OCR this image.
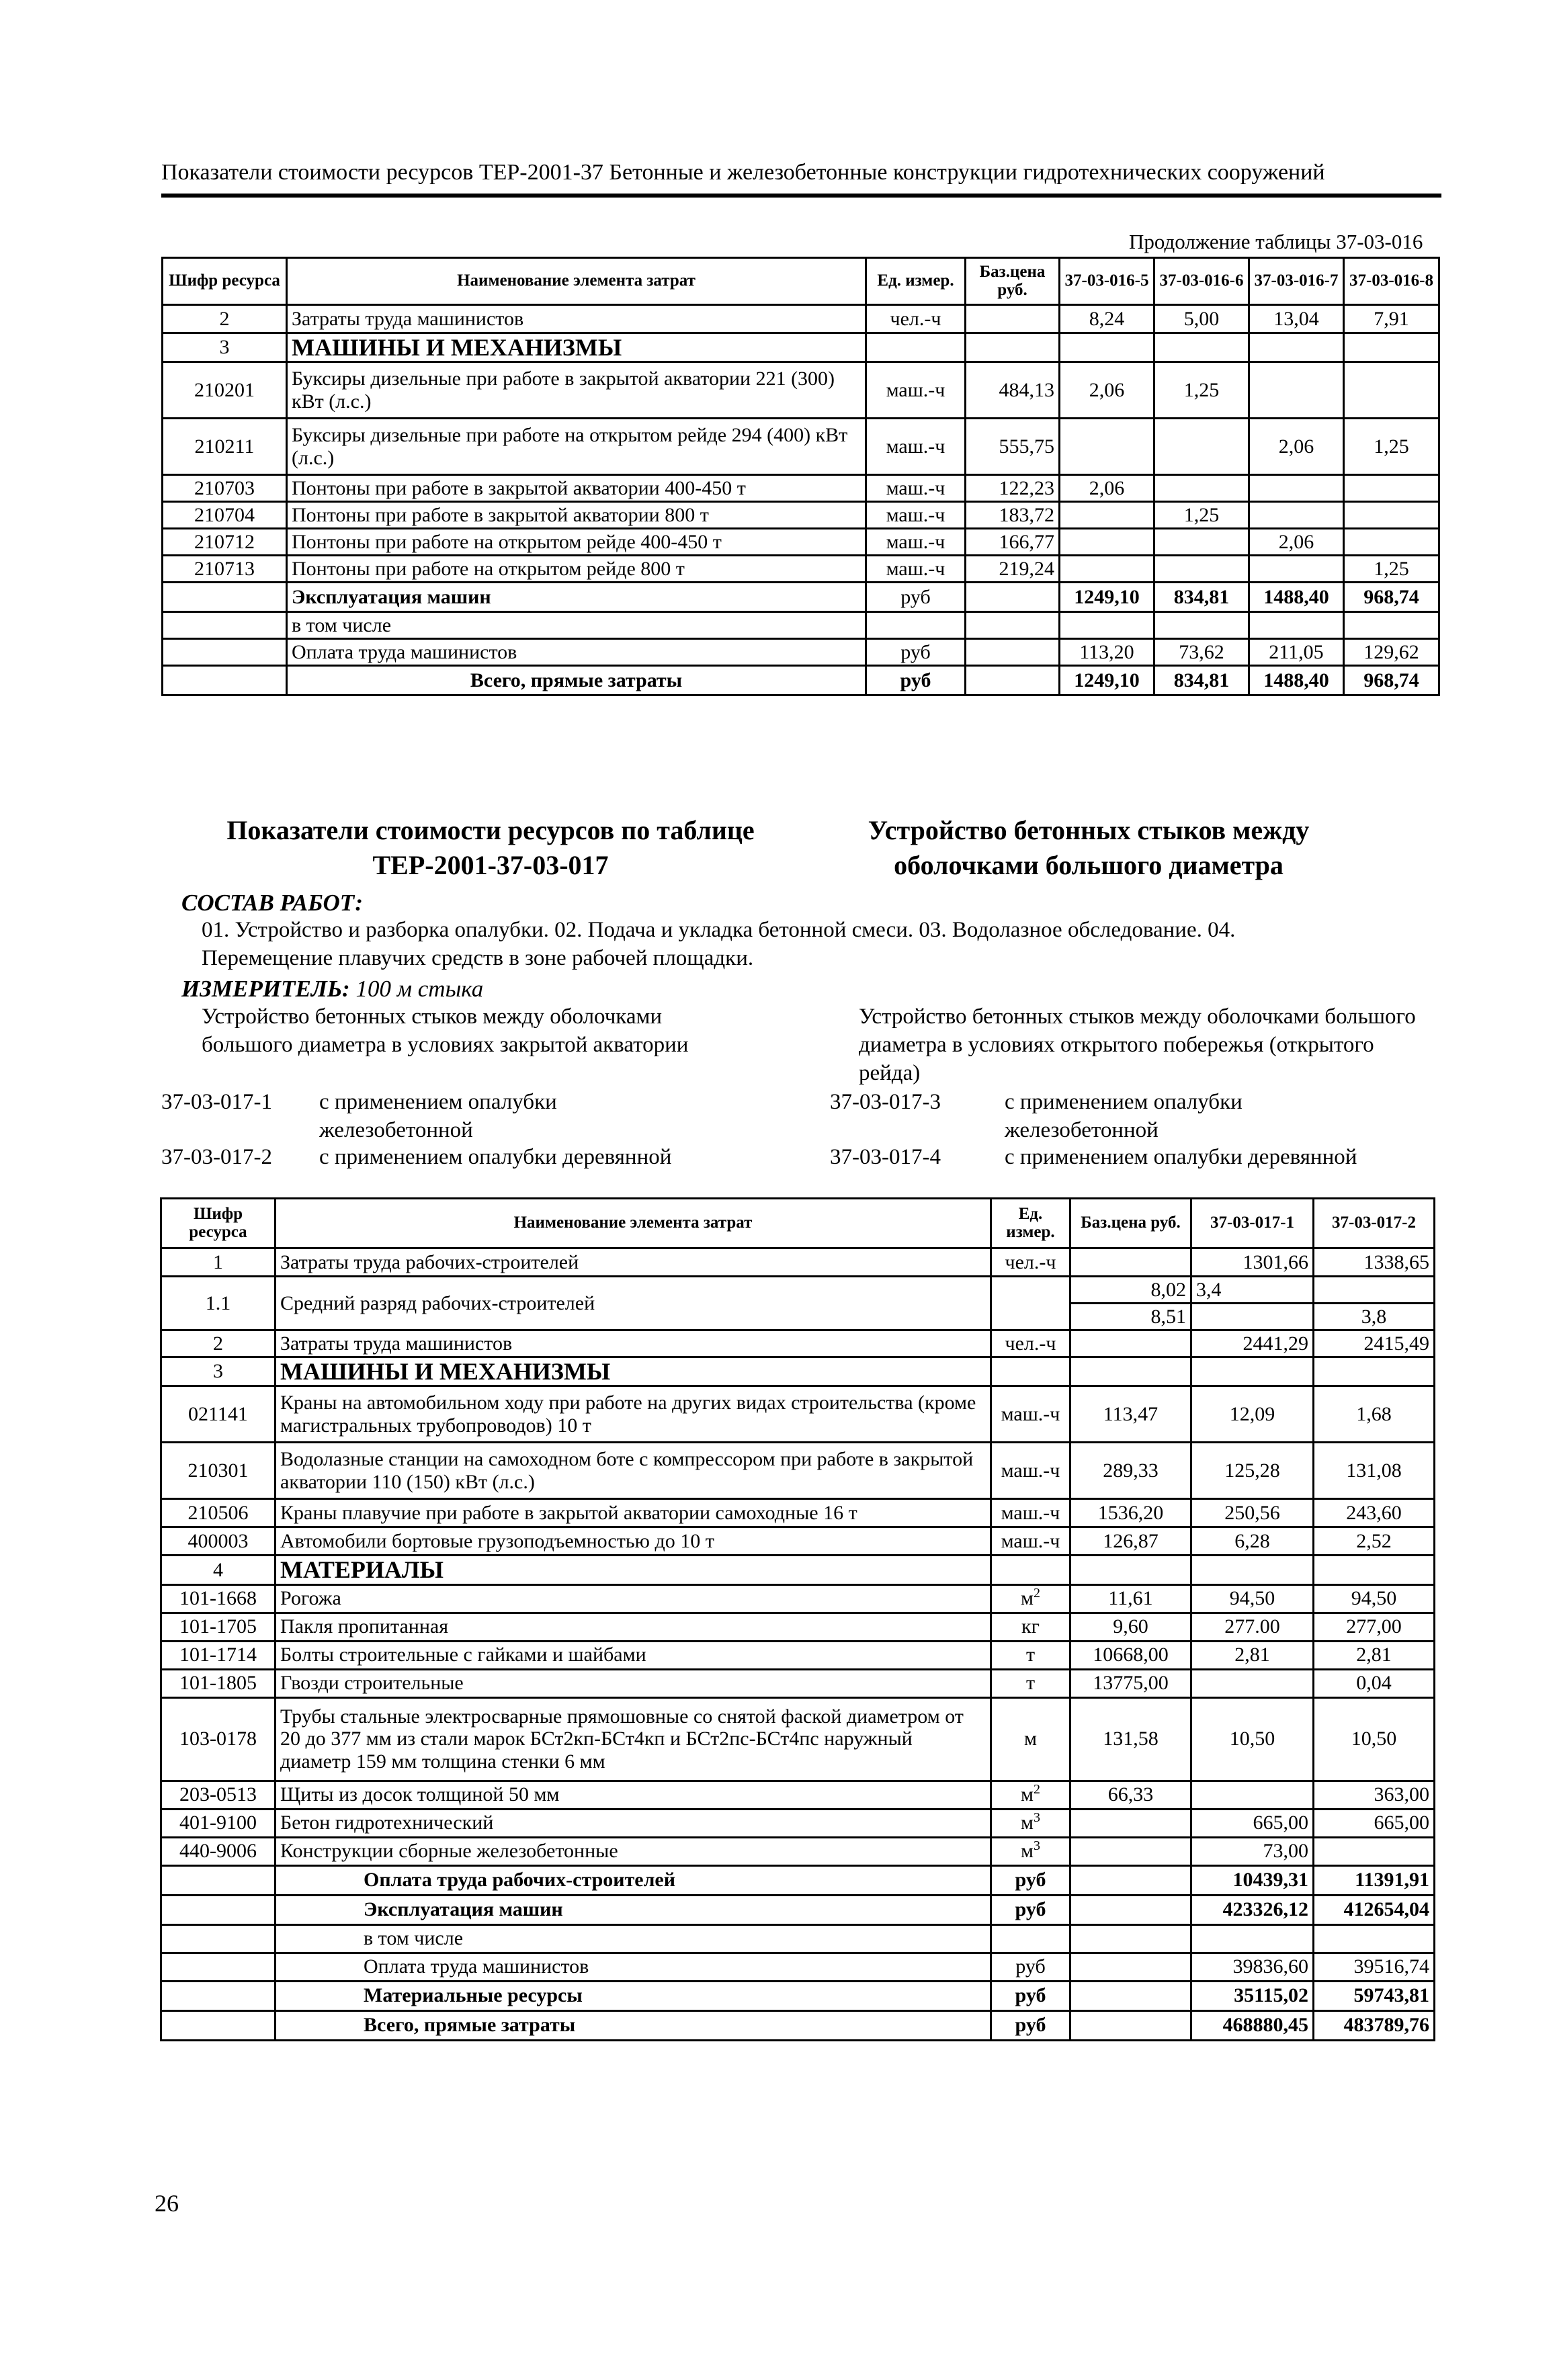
Показатели стоимости ресурсов ТЕР-2001-37 Бетонные и железобетонные конструкции гидротехнических сооружений
Продолжение таблицы 37-03-016
Шифр ресурса	Наименование элемента затрат	Ед. измер.	Баз.цена руб.	37-03-016-5	37-03-016-6	37-03-016-7	37-03-016-8
2	Затраты труда машинистов	чел.-ч		8,24	5,00	13,04	7,91
3	МАШИНЫ И МЕХАНИЗМЫ						
210201	Буксиры дизельные при работе в закрытой акватории 221 (300) кВт (л.с.)	маш.-ч	484,13	2,06	1,25		
210211	Буксиры дизельные при работе на открытом рейде 294 (400) кВт (л.с.)	маш.-ч	555,75			2,06	1,25
210703	Понтоны при работе в закрытой акватории 400-450 т	маш.-ч	122,23	2,06			
210704	Понтоны при работе в закрытой акватории 800 т	маш.-ч	183,72		1,25		
210712	Понтоны при работе на открытом рейде 400-450 т	маш.-ч	166,77			2,06	
210713	Понтоны при работе на открытом рейде 800 т	маш.-ч	219,24				1,25
	Эксплуатация машин	руб		1249,10	834,81	1488,40	968,74
	в том числе						
	Оплата труда машинистов	руб		113,20	73,62	211,05	129,62
	Всего, прямые затраты	руб		1249,10	834,81	1488,40	968,74
Показатели стоимости ресурсов по таблице ТЕР-2001-37-03-017
Устройство бетонных стыков между оболочками большого диаметра
СОСТАВ РАБОТ:
01. Устройство и разборка опалубки. 02. Подача и укладка бетонной смеси. 03. Водолазное обследование. 04. Перемещение плавучих средств в зоне рабочей площадки.
ИЗМЕРИТЕЛЬ: 100 м стыка
Устройство бетонных стыков между оболочками большого диаметра в условиях закрытой акватории
Устройство бетонных стыков между оболочками большого диаметра в условиях открытого побережья (открытого рейда)
37-03-017-1 с применением опалубки железобетонной
37-03-017-2 с применением опалубки деревянной
37-03-017-3	с применением опалубки железобетонной
37-03-017-4	с применением опалубки деревянной
Шифр ресурса	Наименование элемента затрат	Ед. измер.	Баз.цена руб.	37-03-017-1	37-03-017-2
1	Затраты труда рабочих-строителей	чел.-ч		1301,66	1338,65
1.1	Средний разряд рабочих-строителей		8,02	3,4	
			8,51		3,8
2	Затраты труда машинистов	чел.-ч		2441,29	2415,49
3	МАШИНЫ И МЕХАНИЗМЫ				
021141	Краны на автомобильном ходу при работе на других видах строительства (кроме магистральных трубопроводов) 10 т	маш.-ч	113,47	12,09	1,68
210301	Водолазные станции на самоходном боте с компрессором при работе в закрытой акватории 110 (150) кВт (л.с.)	маш.-ч	289,33	125,28	131,08
210506	Краны плавучие при работе в закрытой акватории самоходные 16 т	маш.-ч	1536,20	250,56	243,60
400003	Автомобили бортовые грузоподъемностью до 10 т	маш.-ч	126,87	6,28	2,52
4	МАТЕРИАЛЫ				
101-1668	Рогожа	$м^2$	11,61	94,50	94,50
101-1705	Пакля пропитанная	кг	9,60	277.00	277,00
101-1714	Болты строительные с гайками и шайбами	т	10668,00	2,81	2,81
101-1805	Гвозди строительные	т	13775,00		0,04
103-0178	Трубы стальные электросварные прямошовные со снятой фаской диаметром от 20 до 377 мм из стали марок БСт2кп-БСт4кп и БСт2пс-БСт4пс наружный диаметр 159 мм толщина стенки 6 мм	м	131,58	10,50	10,50
203-0513	Щиты из досок толщиной 50 мм	$м^2$	66,33		363,00
401-9100	Бетон гидротехнический	$м^3$		665,00	665,00
440-9006	Конструкции сборные железобетонные	$м^3$		73,00	
	Оплата труда рабочих-строителей	руб		10439,31	11391,91
	Эксплуатация машин	руб		423326,12	412654,04
	в том числе				
	Оплата труда машинистов	руб		39836,60	39516,74
	Материальные ресурсы	руб		35115,02	59743,81
	Всего, прямые затраты	руб		468880,45	483789,76
26
